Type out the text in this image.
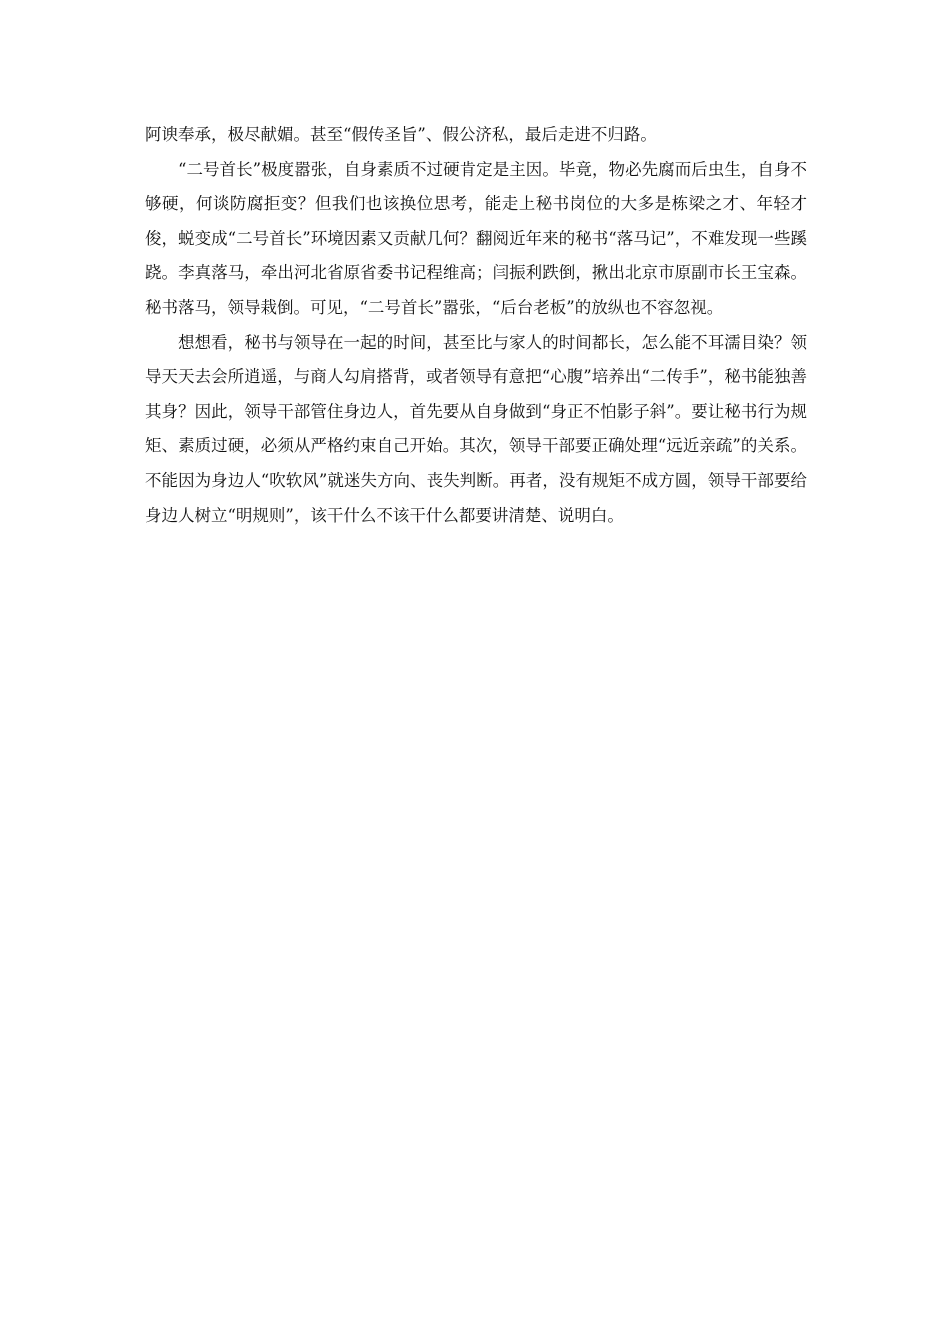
阿谀奉承，极尽献媚。甚至“假传圣旨”、假公济私，最后走进不归路。

“二号首长”极度嚣张，自身素质不过硬肯定是主因。毕竟，物必先腐而后虫生，自身不够硬，何谈防腐拒变？但我们也该换位思考，能走上秘书岗位的大多是栋梁之才、年轻才俊，蜕变成“二号首长”环境因素又贡献几何？翻阅近年来的秘书“落马记”，不难发现一些蹊跷。李真落马，牵出河北省原省委书记程维高；闫振利跌倒，揪出北京市原副市长王宝森。秘书落马，领导栽倒。可见，“二号首长”嚣张，“后台老板”的放纵也不容忽视。

想想看，秘书与领导在一起的时间，甚至比与家人的时间都长，怎么能不耳濡目染？领导天天去会所逍遥，与商人勾肩搭背，或者领导有意把“心腹”培养出“二传手”，秘书能独善其身？因此，领导干部管住身边人，首先要从自身做到“身正不怕影子斜”。要让秘书行为规矩、素质过硬，必须从严格约束自己开始。其次，领导干部要正确处理“远近亲疏”的关系。不能因为身边人“吹软风”就迷失方向、丧失判断。再者，没有规矩不成方圆，领导干部要给身边人树立“明规则”，该干什么不该干什么都要讲清楚、说明白。
